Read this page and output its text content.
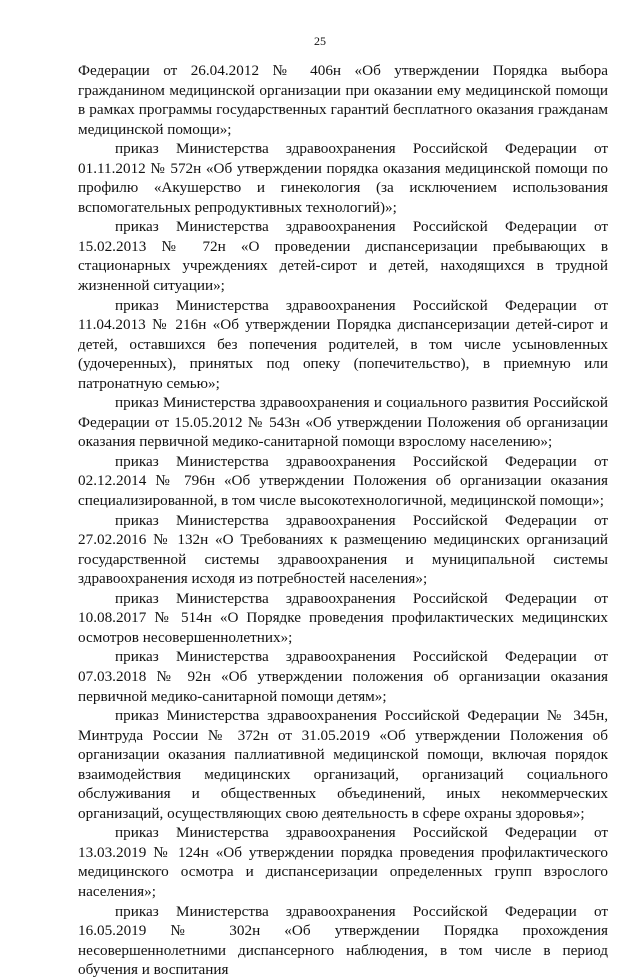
25

Федерации от 26.04.2012 № 406н «Об утверждении Порядка выбора гражданином медицинской организации при оказании ему медицинской помощи в рамках программы государственных гарантий бесплатного оказания гражданам медицинской помощи»;

приказ Министерства здравоохранения Российской Федерации от 01.11.2012 № 572н «Об утверждении порядка оказания медицинской помощи по профилю «Акушерство и гинекология (за исключением использования вспомогательных репродуктивных технологий)»;

приказ Министерства здравоохранения Российской Федерации от 15.02.2013 № 72н «О проведении диспансеризации пребывающих в стационарных учреждениях детей-сирот и детей, находящихся в трудной жизненной ситуации»;

приказ Министерства здравоохранения Российской Федерации от 11.04.2013 № 216н «Об утверждении Порядка диспансеризации детей-сирот и детей, оставшихся без попечения родителей, в том числе усыновленных (удочеренных), принятых под опеку (попечительство), в приемную или патронатную семью»;

приказ Министерства здравоохранения и социального развития Российской Федерации от 15.05.2012 № 543н «Об утверждении Положения об организации оказания первичной медико-санитарной помощи взрослому населению»;

приказ Министерства здравоохранения Российской Федерации от 02.12.2014 № 796н «Об утверждении Положения об организации оказания специализированной, в том числе высокотехнологичной, медицинской помощи»;

приказ Министерства здравоохранения Российской Федерации от 27.02.2016 № 132н «О Требованиях к размещению медицинских организаций государственной системы здравоохранения и муниципальной системы здравоохранения исходя из потребностей населения»;

приказ Министерства здравоохранения Российской Федерации от 10.08.2017 № 514н «О Порядке проведения профилактических медицинских осмотров несовершеннолетних»;

приказ Министерства здравоохранения Российской Федерации от 07.03.2018 № 92н «Об утверждении положения об организации оказания первичной медико-санитарной помощи детям»;

приказ Министерства здравоохранения Российской Федерации № 345н, Минтруда России № 372н от 31.05.2019 «Об утверждении Положения об организации оказания паллиативной медицинской помощи, включая порядок взаимодействия медицинских организаций, организаций социального обслуживания и общественных объединений, иных некоммерческих организаций, осуществляющих свою деятельность в сфере охраны здоровья»;

приказ Министерства здравоохранения Российской Федерации от 13.03.2019 № 124н «Об утверждении порядка проведения профилактического медицинского осмотра и диспансеризации определенных групп взрослого населения»;

приказ Министерства здравоохранения Российской Федерации от 16.05.2019 № 302н «Об утверждении Порядка прохождения несовершеннолетними диспансерного наблюдения, в том числе в период обучения и воспитания
